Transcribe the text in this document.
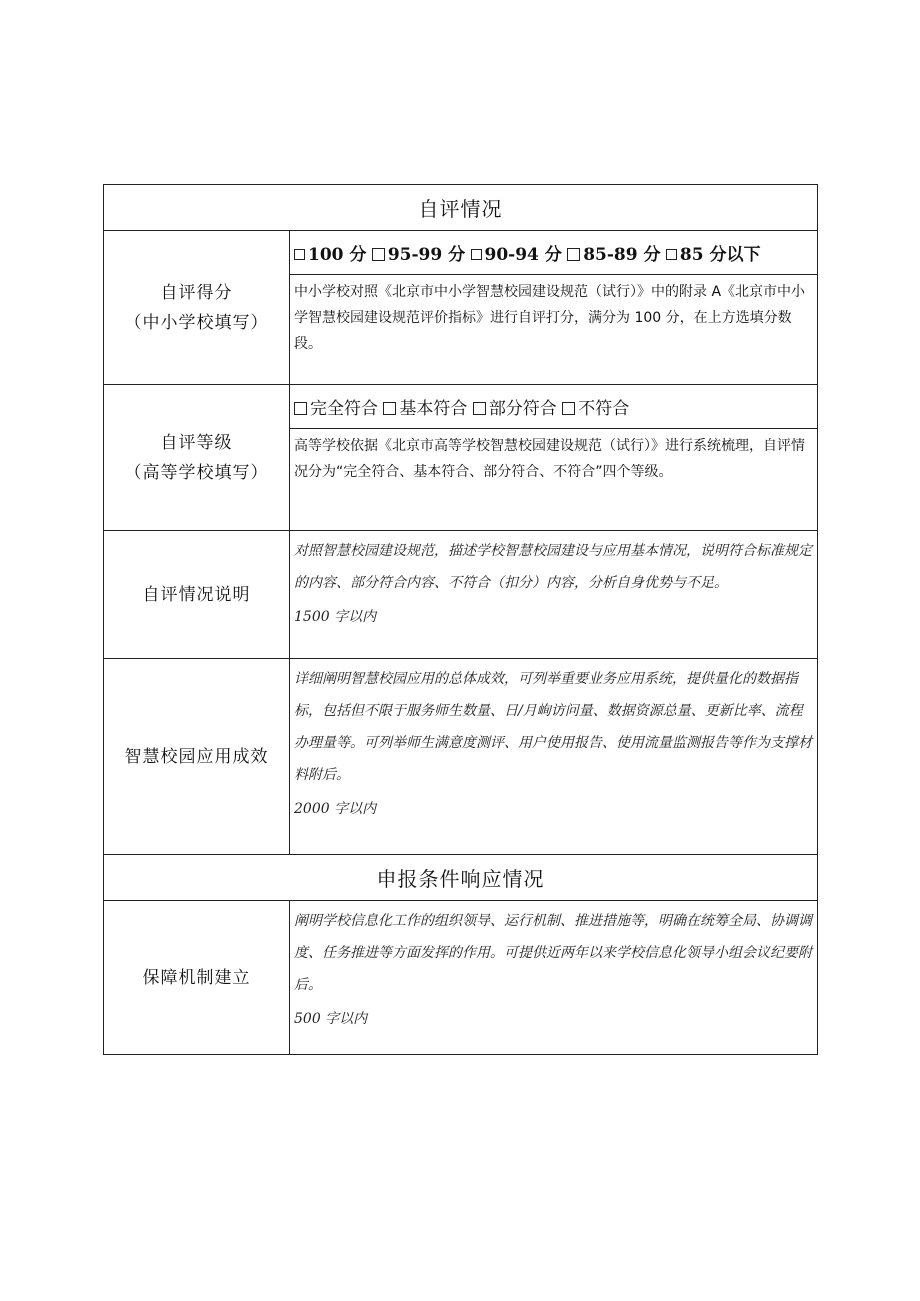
自评情况	

自评得分
（中小学校填写）	100 分 95-99 分 90-94 分 85-89 分 85 分以下
	中小学校对照《北京市中小学智慧校园建设规范（试行）》中的附录 A《北京市中小学智慧校园建设规范评价指标》进行自评打分，满分为 100 分，在上方选填分数段。

自评等级
（高等学校填写）	完全符合 基本符合 部分符合 不符合
	高等学校依据《北京市高等学校智慧校园建设规范（试行）》进行系统梳理，自评情况分为“完全符合、基本符合、部分符合、不符合”四个等级。
自评情况说明	对照智慧校园建设规范，描述学校智慧校园建设与应用基本情况，说明符合标准规定的内容、部分符合内容、不符合（扣分）内容，分析自身优势与不足。
1500 字以内

智慧校园应用成效	详细阐明智慧校园应用的总体成效，可列举重要业务应用系统，提供量化的数据指标，包括但不限于服务师生数量、日/月峋访问量、数据资源总量、更新比率、流程办理量等。可列举师生满意度测评、用户使用报告、使用流量监测报告等作为支撑材料附后。
2000 字以内

申报条件响应情况	
保障机制建立	阐明学校信息化工作的组织领导、运行机制、推进措施等，明确在统筹全局、协调调度、任务推进等方面发挥的作用。可提供近两年以来学校信息化领导小组会议纪要附后。
500 字以内
